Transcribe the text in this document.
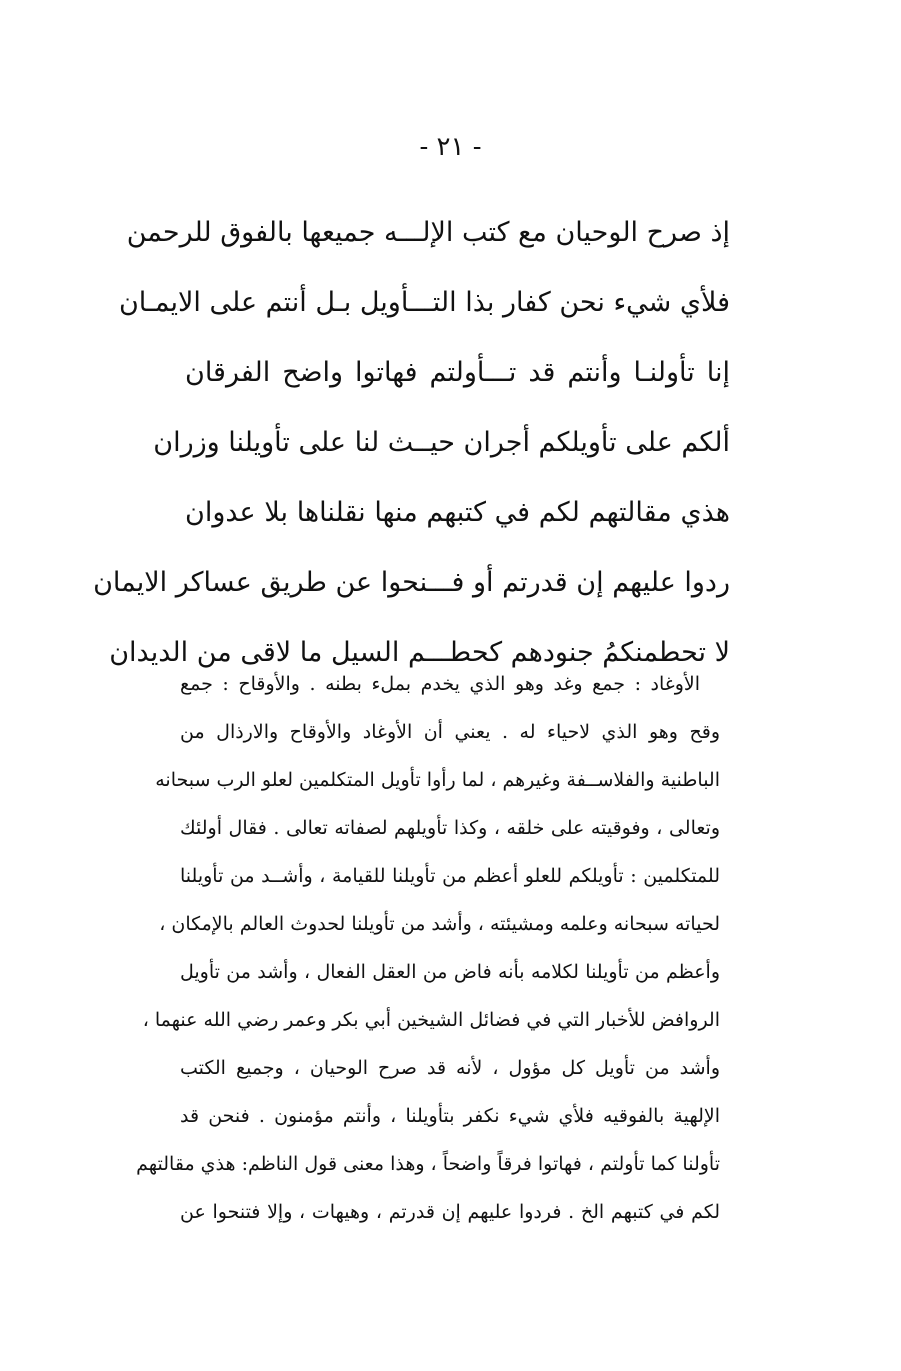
- ٢١ -
إذ صرح الوحيان مع كتب الإلـــه جميعها بالفوق للرحمن
فلأي شيء نحن كفار بذا التـــأويل بـل أنتم على الايمـان
إنا تأولنـا وأنتم قد تـــأولتم فهاتوا واضح الفرقان
ألكم على تأويلكم أجران حيــث لنا على تأويلنا وزران
هذي مقالتهم لكم في كتبهم منها نقلناها بلا عدوان
ردوا عليهم إن قدرتم أو فـــنحوا عن طريق عساكر الايمان
لا تحطمنكمُ جنودهم كحطـــم السيل ما لاقى من الديدان
الأوغاد : جمع وغد وهو الذي يخدم بملء بطنه . والأوقاح : جمع
وقح وهو الذي لاحياء له . يعني أن الأوغاد والأوقاح والارذال من
الباطنية والفلاســفة وغيرهم ، لما رأوا تأويل المتكلمين لعلو الرب سبحانه
وتعالى ، وفوقيته على خلقه ، وكذا تأويلهم لصفاته تعالى . فقال أولئك
للمتكلمين : تأويلكم للعلو أعظم من تأويلنا للقيامة ، وأشــد من تأويلنا
لحياته سبحانه وعلمه ومشيئته ، وأشد من تأويلنا لحدوث العالم بالإمكان ،
وأعظم من تأويلنا لكلامه بأنه فاض من العقل الفعال ، وأشد من تأويل
الروافض للأخبار التي في فضائل الشيخين أبي بكر وعمر رضي الله عنهما ،
وأشد من تأويل كل مؤول ، لأنه قد صرح الوحيان ، وجميع الكتب
الإلهية بالفوقيه فلأي شيء نكفر بتأويلنا ، وأنتم مؤمنون . فنحن قد
تأولنا كما تأولتم ، فهاتوا فرقاً واضحاً ، وهذا معنى قول الناظم: هذي مقالتهم
لكم في كتبهم الخ . فردوا عليهم إن قدرتم ، وهيهات ، وإلا فتنحوا عن
